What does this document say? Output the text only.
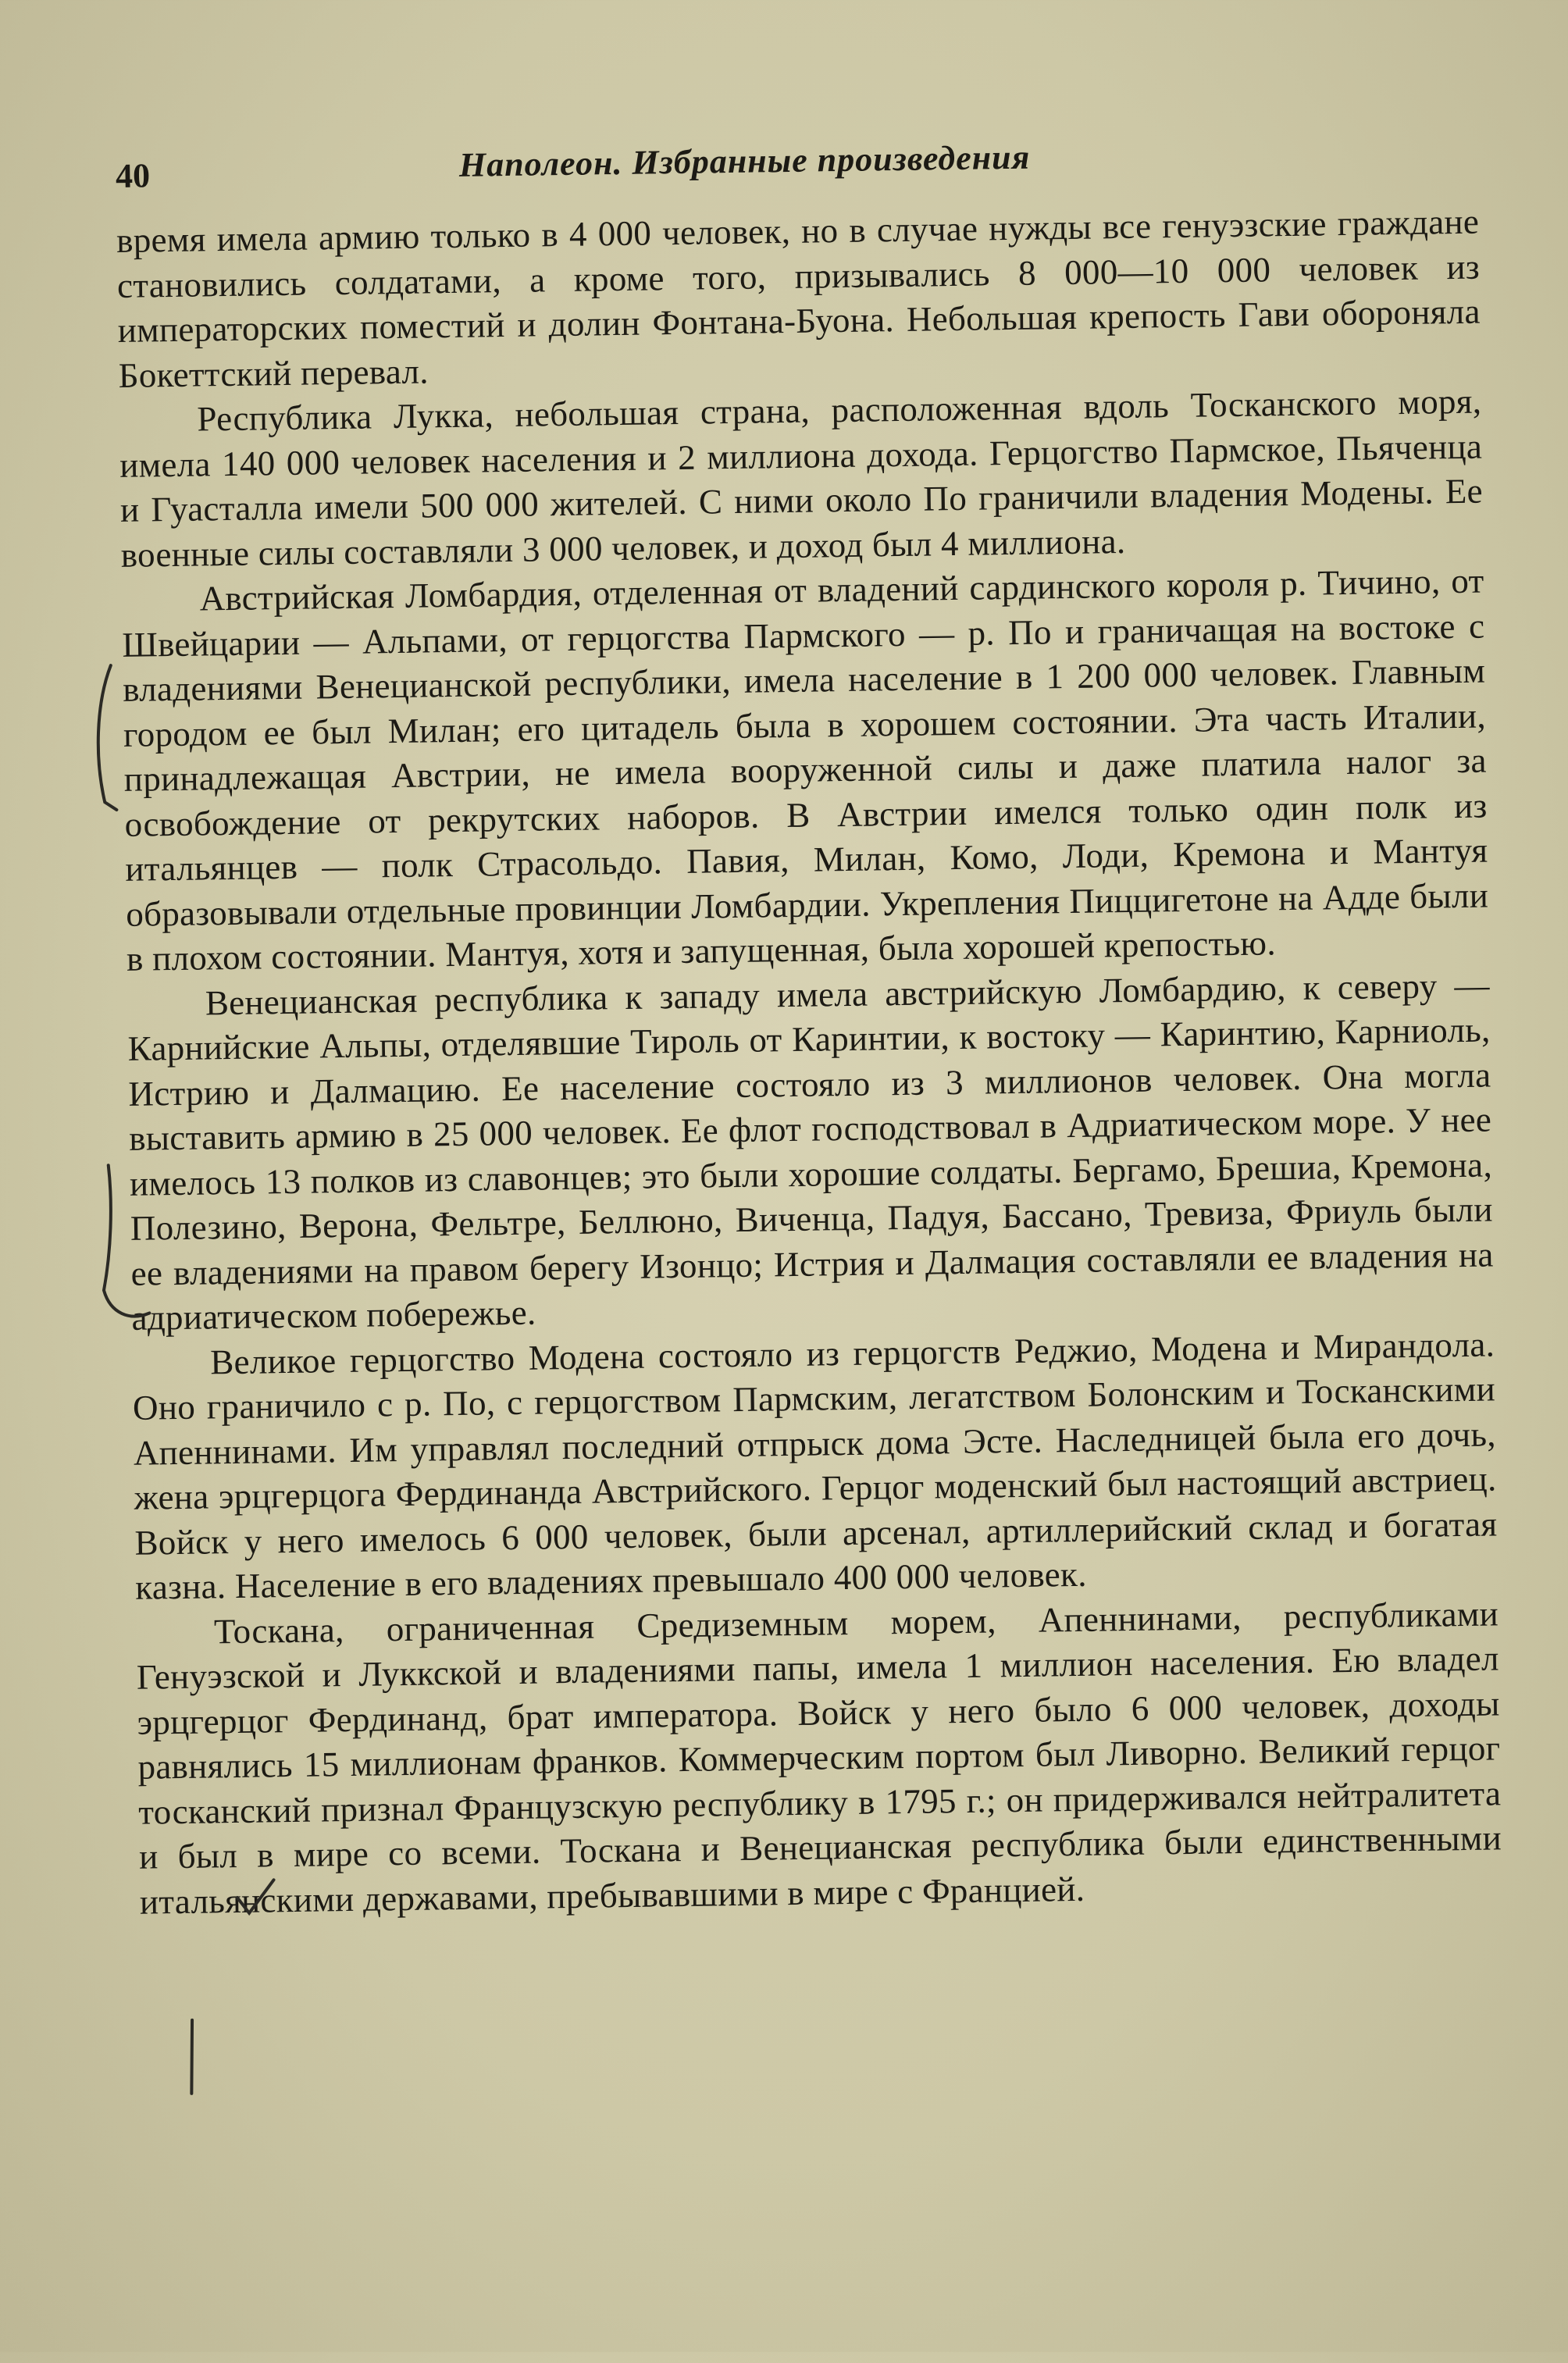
40	Наполеон. Избранные произведения

время имела армию только в 4 000 человек, но в случае нужды все генуэзские граждане становились солдатами, а кроме того, призывались 8 000—10 000 человек из императорских поместий и долин Фонтана-Буона. Небольшая крепость Гави обороняла Бокеттский перевал.

Республика Лукка, небольшая страна, расположенная вдоль Тосканского моря, имела 140 000 человек населения и 2 миллиона дохода. Герцогство Пармское, Пьяченца и Гуасталла имели 500 000 жителей. С ними около По граничили владения Модены. Ее военные силы составляли 3 000 человек, и доход был 4 миллиона.

Австрийская Ломбардия, отделенная от владений сардинского короля р. Тичино, от Швейцарии — Альпами, от герцогства Пармского — р. По и граничащая на востоке с владениями Венецианской республики, имела население в 1 200 000 человек. Главным городом ее был Милан; его цитадель была в хорошем состоянии. Эта часть Италии, принадлежащая Австрии, не имела вооруженной силы и даже платила налог за освобождение от рекрутских наборов. В Австрии имелся только один полк из итальянцев — полк Страсольдо. Павия, Милан, Комо, Лоди, Кремона и Мантуя образовывали отдельные провинции Ломбардии. Укрепления Пиццигетоне на Адде были в плохом состоянии. Мантуя, хотя и запущенная, была хорошей крепостью.

Венецианская республика к западу имела австрийскую Ломбардию, к северу — Карнийские Альпы, отделявшие Тироль от Каринтии, к востоку — Каринтию, Карниоль, Истрию и Далмацию. Ее население состояло из 3 миллионов человек. Она могла выставить армию в 25 000 человек. Ее флот господствовал в Адриатическом море. У нее имелось 13 полков из славонцев; это были хорошие солдаты. Бергамо, Брешиа, Кремона, Полезино, Верона, Фельтре, Беллюно, Виченца, Падуя, Бассано, Тревиза, Фриуль были ее владениями на правом берегу Изонцо; Истрия и Далмация составляли ее владения на адриатическом побережье.

Великое герцогство Модена состояло из герцогств Реджио, Модена и Мирандола. Оно граничило с р. По, с герцогством Пармским, легатством Болонским и Тосканскими Апеннинами. Им управлял последний отпрыск дома Эсте. Наследницей была его дочь, жена эрцгерцога Фердинанда Австрийского. Герцог моденский был настоящий австриец. Войск у него имелось 6 000 человек, были арсенал, артиллерийский склад и богатая казна. Население в его владениях превышало 400 000 человек.

Тоскана, ограниченная Средиземным морем, Апеннинами, республиками Генуэзской и Луккской и владениями папы, имела 1 миллион населения. Ею владел эрцгерцог Фердинанд, брат императора. Войск у него было 6 000 человек, доходы равнялись 15 миллионам франков. Коммерческим портом был Ливорно. Великий герцог тосканский признал Французскую республику в 1795 г.; он придерживался нейтралитета и был в мире со всеми. Тоскана и Венецианская республика были единственными итальянскими державами, пребывавшими в мире с Францией.
